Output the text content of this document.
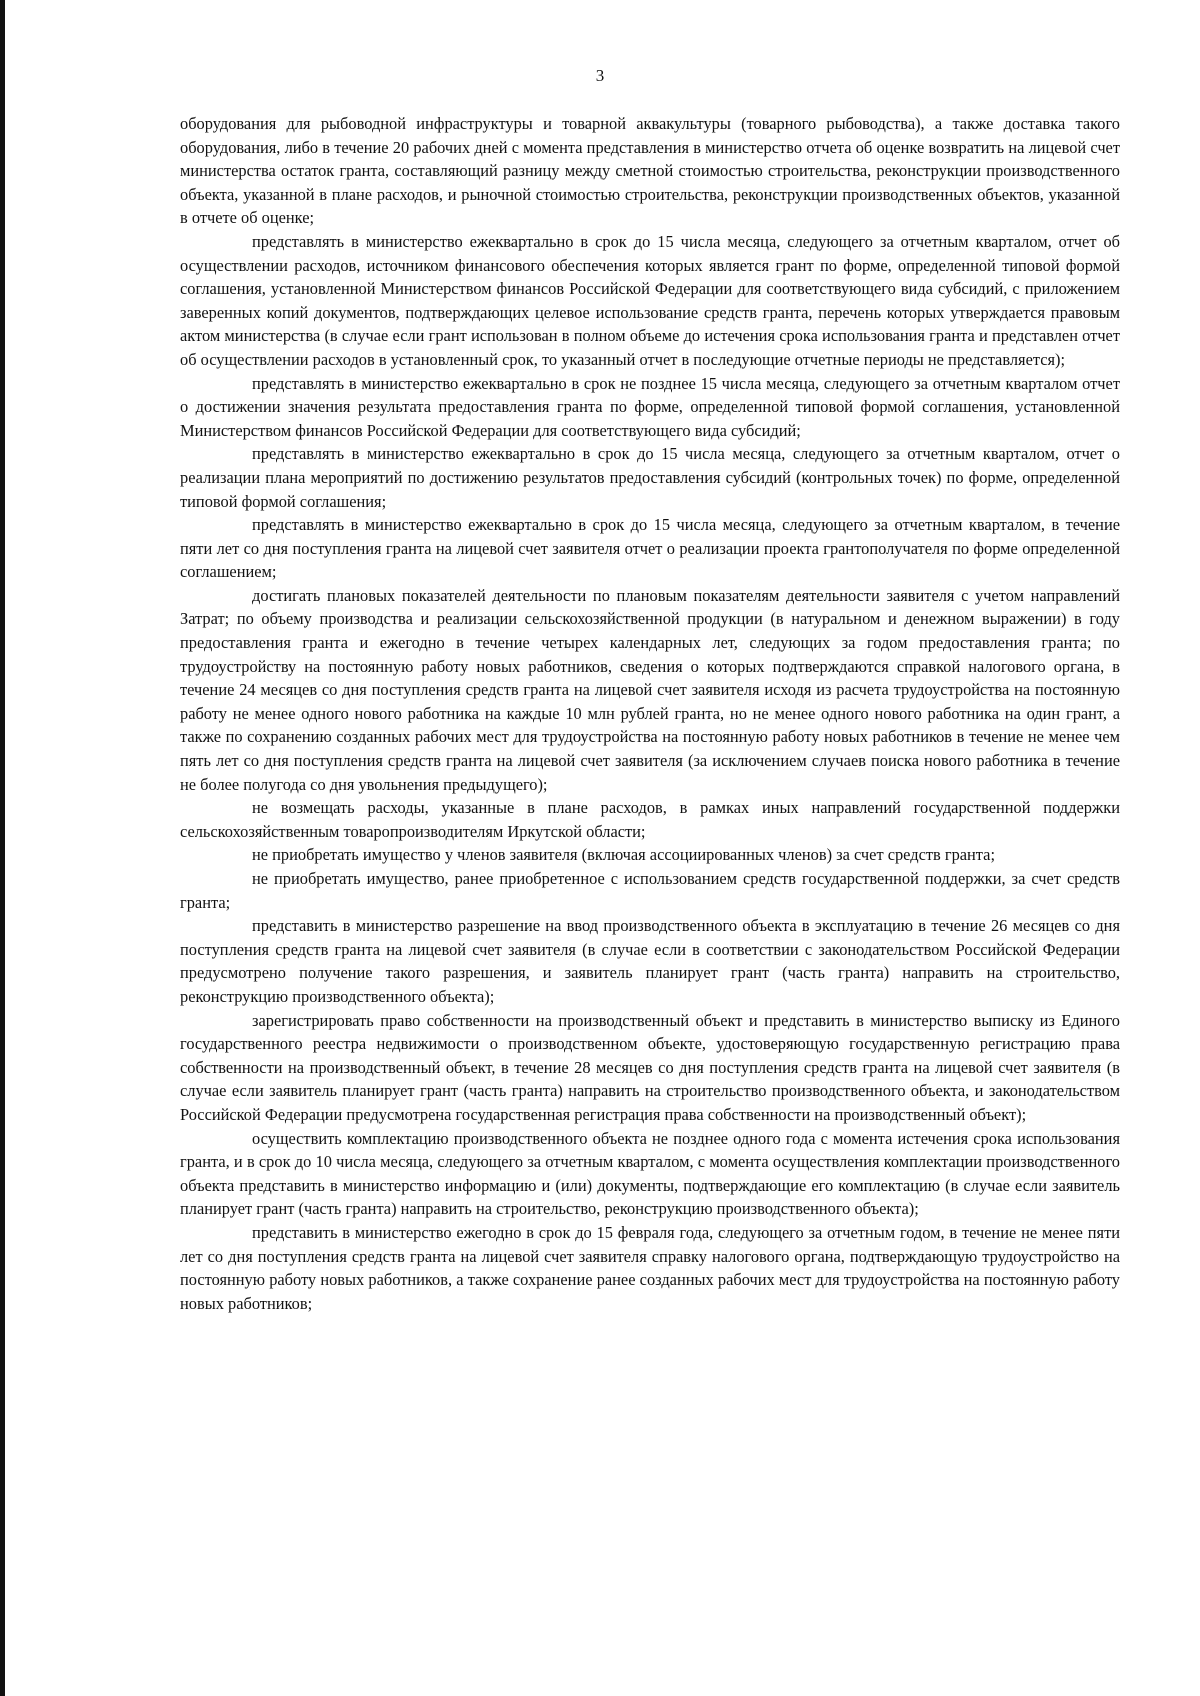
3

оборудования для рыбоводной инфраструктуры и товарной аквакультуры (товарного рыбоводства), а также доставка такого оборудования, либо в течение 20 рабочих дней с момента представления в министерство отчета об оценке возвратить на лицевой счет министерства остаток гранта, составляющий разницу между сметной стоимостью строительства, реконструкции производственного объекта, указанной в плане расходов, и рыночной стоимостью строительства, реконструкции производственных объектов, указанной в отчете об оценке;

представлять в министерство ежеквартально в срок до 15 числа месяца, следующего за отчетным кварталом, отчет об осуществлении расходов, источником финансового обеспечения которых является грант по форме, определенной типовой формой соглашения, установленной Министерством финансов Российской Федерации для соответствующего вида субсидий, с приложением заверенных копий документов, подтверждающих целевое использование средств гранта, перечень которых утверждается правовым актом министерства (в случае если грант использован в полном объеме до истечения срока использования гранта и представлен отчет об осуществлении расходов в установленный срок, то указанный отчет в последующие отчетные периоды не представляется);

представлять в министерство ежеквартально в срок не позднее 15 числа месяца, следующего за отчетным кварталом отчет о достижении значения результата предоставления гранта по форме, определенной типовой формой соглашения, установленной Министерством финансов Российской Федерации для соответствующего вида субсидий;

представлять в министерство ежеквартально в срок до 15 числа месяца, следующего за отчетным кварталом, отчет о реализации плана мероприятий по достижению результатов предоставления субсидий (контрольных точек) по форме, определенной типовой формой соглашения;

представлять в министерство ежеквартально в срок до 15 числа месяца, следующего за отчетным кварталом, в течение пяти лет со дня поступления гранта на лицевой счет заявителя отчет о реализации проекта грантополучателя по форме определенной соглашением;

достигать плановых показателей деятельности по плановым показателям деятельности заявителя с учетом направлений Затрат; по объему производства и реализации сельскохозяйственной продукции (в натуральном и денежном выражении) в году предоставления гранта и ежегодно в течение четырех календарных лет, следующих за годом предоставления гранта; по трудоустройству на постоянную работу новых работников, сведения о которых подтверждаются справкой налогового органа, в течение 24 месяцев со дня поступления средств гранта на лицевой счет заявителя исходя из расчета трудоустройства на постоянную работу не менее одного нового работника на каждые 10 млн рублей гранта, но не менее одного нового работника на один грант, а также по сохранению созданных рабочих мест для трудоустройства на постоянную работу новых работников в течение не менее чем пять лет со дня поступления средств гранта на лицевой счет заявителя (за исключением случаев поиска нового работника в течение не более полугода со дня увольнения предыдущего);

не возмещать расходы, указанные в плане расходов, в рамках иных направлений государственной поддержки сельскохозяйственным товаропроизводителям Иркутской области;

не приобретать имущество у членов заявителя (включая ассоциированных членов) за счет средств гранта;

не приобретать имущество, ранее приобретенное с использованием средств государственной поддержки, за счет средств гранта;

представить в министерство разрешение на ввод производственного объекта в эксплуатацию в течение 26 месяцев со дня поступления средств гранта на лицевой счет заявителя (в случае если в соответствии с законодательством Российской Федерации предусмотрено получение такого разрешения, и заявитель планирует грант (часть гранта) направить на строительство, реконструкцию производственного объекта);

зарегистрировать право собственности на производственный объект и представить в министерство выписку из Единого государственного реестра недвижимости о производственном объекте, удостоверяющую государственную регистрацию права собственности на производственный объект, в течение 28 месяцев со дня поступления средств гранта на лицевой счет заявителя (в случае если заявитель планирует грант (часть гранта) направить на строительство производственного объекта, и законодательством Российской Федерации предусмотрена государственная регистрация права собственности на производственный объект);

осуществить комплектацию производственного объекта не позднее одного года с момента истечения срока использования гранта, и в срок до 10 числа месяца, следующего за отчетным кварталом, с момента осуществления комплектации производственного объекта представить в министерство информацию и (или) документы, подтверждающие его комплектацию (в случае если заявитель планирует грант (часть гранта) направить на строительство, реконструкцию производственного объекта);

представить в министерство ежегодно в срок до 15 февраля года, следующего за отчетным годом, в течение не менее пяти лет со дня поступления средств гранта на лицевой счет заявителя справку налогового органа, подтверждающую трудоустройство на постоянную работу новых работников, а также сохранение ранее созданных рабочих мест для трудоустройства на постоянную работу новых работников;
